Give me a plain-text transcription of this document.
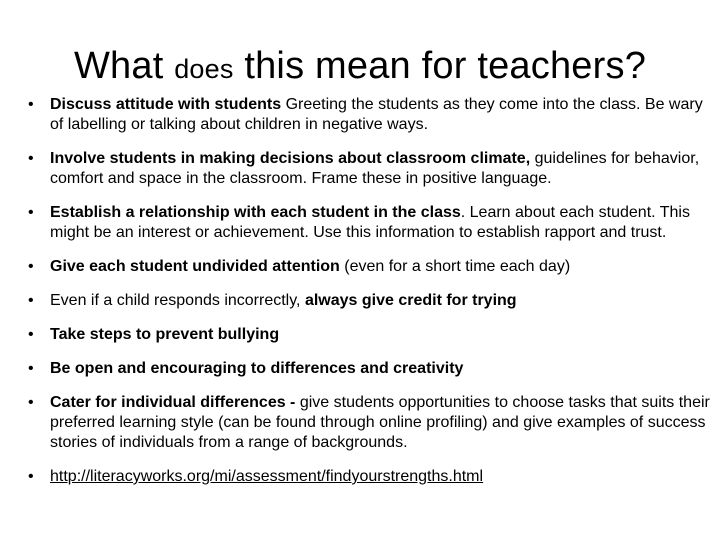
What does this mean for teachers?
•	Discuss attitude with students Greeting the students as they come into the class. Be wary of labelling or talking about children in negative ways.
•	Involve students in making decisions about classroom climate, guidelines for behavior, comfort and space in the classroom. Frame these in positive language.
•	Establish a relationship with each student in the class. Learn about each student. This might be an interest or achievement. Use this information to establish rapport and trust.
•	Give each student undivided attention (even for a short time each day)
•	Even if a child responds incorrectly, always give credit for trying
•	Take steps to prevent bullying
•	Be open and encouraging to differences and creativity
•	Cater for individual differences - give students opportunities to choose tasks that suits their preferred learning style (can be found through online profiling) and give examples of success stories of individuals from a range of backgrounds.
•	http://literacyworks.org/mi/assessment/findyourstrengths.html
